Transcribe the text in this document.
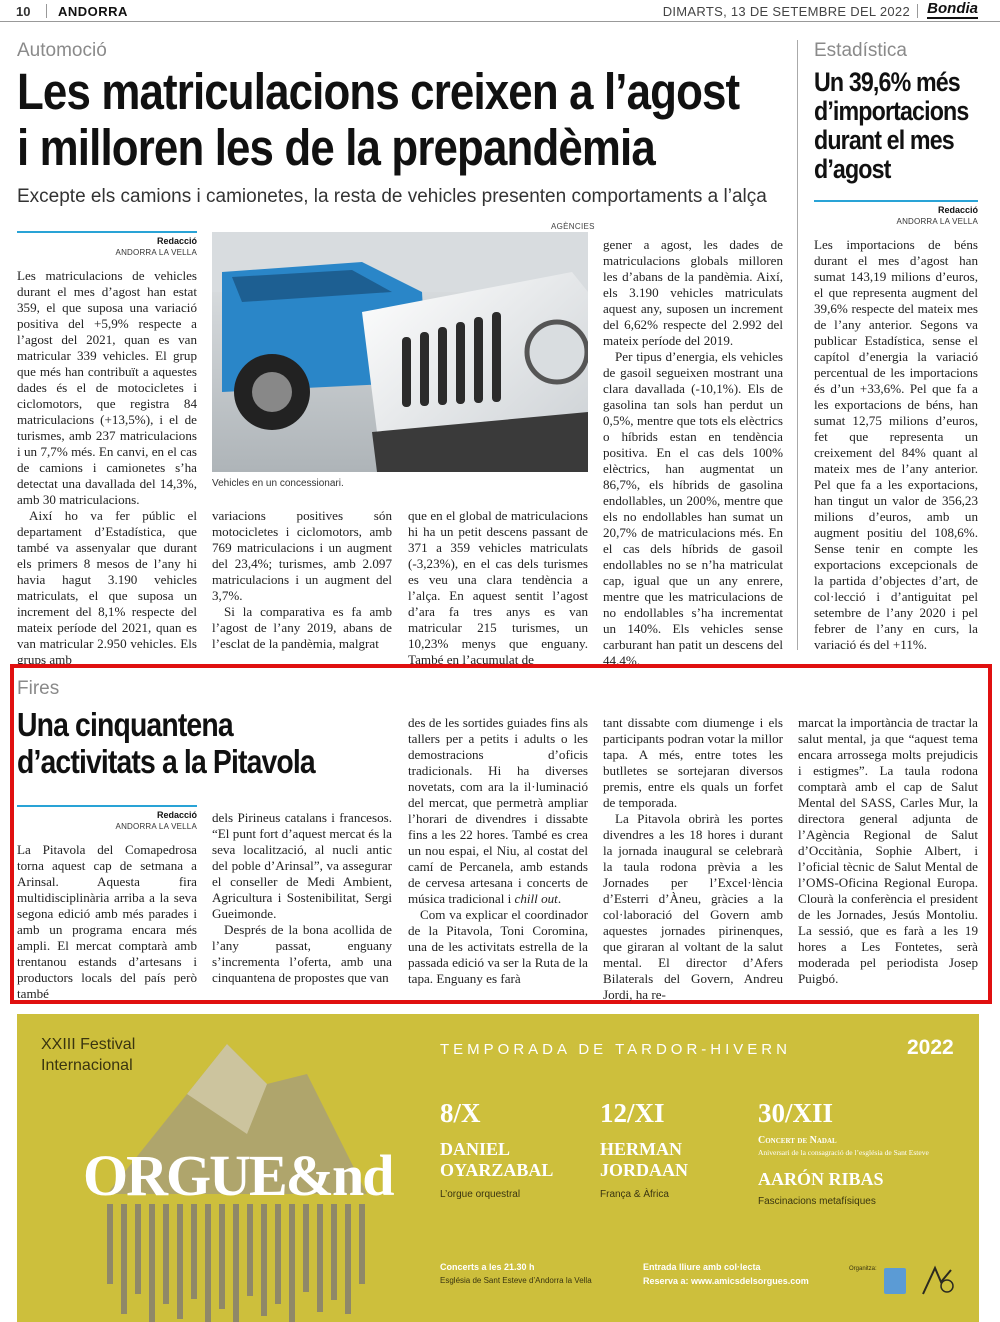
10 ANDORRA	DIMARTS, 13 DE SETEMBRE DEL 2022 Bondia
Automoció
Les matriculacions creixen a l’agost
i milloren les de la prepandèmia
Excepte els camions i camionetes, la resta de vehicles presenten comportaments a l’alça
Redacció
ANDORRA LA VELLA

Les matriculacions de vehicles durant el mes d’agost han estat 359, el que suposa una variació positiva del +5,9% respecte a l’agost del 2021, quan es van matricular 339 vehicles. El grup que més han contribuït a aquestes dades és el de motocicletes i ciclomotors, que registra 84 matriculacions (+13,5%), i el de turismes, amb 237 matriculacions i un 7,7% més. En canvi, en el cas de camions i camionetes s’ha detectat una davallada del 14,3%, amb 30 matriculacions.

Així ho va fer públic el departament d’Estadística, que també va assenyalar que durant els primers 8 mesos de l’any hi havia hagut 3.190 vehicles matriculats, el que suposa un increment del 8,1% respecte del mateix període del 2021, quan es van matricular 2.950 vehicles. Els grups amb

AGÈNCIES
Vehicles en un concessionari.

variacions positives són motocicletes i ciclomotors, amb 769 matriculacions i un augment del 23,4%; turismes, amb 2.097 matriculacions i un augment del 3,7%.

Si la comparativa es fa amb l’agost de l’any 2019, abans de l’esclat de la pandèmia, malgrat

que en el global de matriculacions hi ha un petit descens passant de 371 a 359 vehicles matriculats (-3,23%), en el cas dels turismes es veu una clara tendència a l’alça. En aquest sentit l’agost d’ara fa tres anys es van matricular 215 turismes, un 10,23% menys que enguany. També en l’acumulat de

gener a agost, les dades de matriculacions globals milloren les d’abans de la pandèmia. Així, els 3.190 vehicles matriculats aquest any, suposen un increment del 6,62% respecte del 2.992 del mateix període del 2019.

Per tipus d’energia, els vehicles de gasoil segueixen mostrant una clara davallada (-10,1%). Els de gasolina tan sols han perdut un 0,5%, mentre que tots els elèctrics o híbrids estan en tendència positiva. En el cas dels 100% elèctrics, han augmentat un 86,7%, els híbrids de gasolina endollables, un 200%, mentre que els no endollables han sumat un 20,7% de matriculacions més. En el cas dels híbrids de gasoil endollables no se n’ha matriculat cap, igual que un any enrere, mentre que les matriculacions de no endollables s’ha incrementat un 140%. Els vehicles sense carburant han patit un descens del 44,4%.

Estadística
Un 39,6% més
d’importacions
durant el mes
d’agost
Redacció
ANDORRA LA VELLA

Les importacions de béns durant el mes d’agost han sumat 143,19 milions d’euros, el que representa augment del 39,6% respecte del mateix mes de l’any anterior. Segons va publicar Estadística, sense el capítol d’energia la variació percentual de les importacions és d’un +33,6%. Pel que fa a les exportacions de béns, han sumat 12,75 milions d’euros, fet que representa un creixement del 84% quant al mateix mes de l’any anterior. Pel que fa a les exportacions, han tingut un valor de 356,23 milions d’euros, amb un augment positiu del 108,6%. Sense tenir en compte les exportacions excepcionals de la partida d’objectes d’art, de col·lecció i d’antiguitat pel setembre de l’any 2020 i pel febrer de l’any en curs, la variació és del +11%.

Fires
Una cinquantena
d’activitats a la Pitavola
Redacció
ANDORRA LA VELLA

La Pitavola del Comapedrosa torna aquest cap de setmana a Arinsal. Aquesta fira multidisciplinària arriba a la seva segona edició amb més parades i amb un programa encara més ampli. El mercat comptarà amb trentanou estands d’artesans i productors locals del país però també

dels Pirineus catalans i francesos. “El punt fort d’aquest mercat és la seva localització, al nucli antic del poble d’Arinsal”, va assegurar el conseller de Medi Ambient, Agricultura i Sostenibilitat, Sergi Gueimonde.

Després de la bona acollida de l’any passat, enguany s’incrementa l’oferta, amb una cinquantena de propostes que van

des de les sortides guiades fins als tallers per a petits i adults o les demostracions d’oficis tradicionals. Hi ha diverses novetats, com ara la il·luminació del mercat, que permetrà ampliar l’horari de divendres i dissabte fins a les 22 hores. També es crea un nou espai, el Niu, al costat del camí de Percanela, amb estands de cervesa artesana i concerts de música tradicional i chill out.

Com va explicar el coordinador de la Pitavola, Toni Coromina, una de les activitats estrella de la passada edició va ser la Ruta de la tapa. Enguany es farà

tant dissabte com diumenge i els participants podran votar la millor tapa. A més, entre totes les butlletes se sortejaran diversos premis, entre els quals un forfet de temporada.

La Pitavola obrirà les portes divendres a les 18 hores i durant la jornada inaugural se celebrarà la taula rodona prèvia a les Jornades per l’Excel·lència d’Esterri d’Àneu, gràcies a la col·laboració del Govern amb aquestes jornades pirinenques, que giraran al voltant de la salut mental. El director d’Afers Bilaterals del Govern, Andreu Jordi, ha re-

marcat la importància de tractar la salut mental, ja que “aquest tema encara arrossega molts prejudicis i estigmes”. La taula rodona comptarà amb el cap de Salut Mental del SASS, Carles Mur, la directora general adjunta de l’Agència Regional de Salut d’Occitània, Sophie Albert, i l’oficial tècnic de Salut Mental de l’OMS-Oficina Regional Europa. Clourà la conferència el president de les Jornades, Jesús Montoliu. La sessió, que es farà a les 19 hores a Les Fontetes, serà moderada pel periodista Josep Puigbó.

XXIII Festival
Internacional
ORGUE&nd
TEMPORADA DE TARDOR-HIVERN	2022
8/X
DANIEL
OYARZABAL
L’orgue orquestral
12/XI
HERMAN
JORDAAN
França & Àfrica
30/XII
Concert de Nadal
Aniversari de la consagració de l’església de Sant Esteve
AARÓN RIBAS
Fascinacions metafísiques
Concerts a les 21.30 h
Església de Sant Esteve d’Andorra la Vella
Entrada lliure amb col·lecta
Reserva a: www.amicsdelsorgues.com
Organitza:
